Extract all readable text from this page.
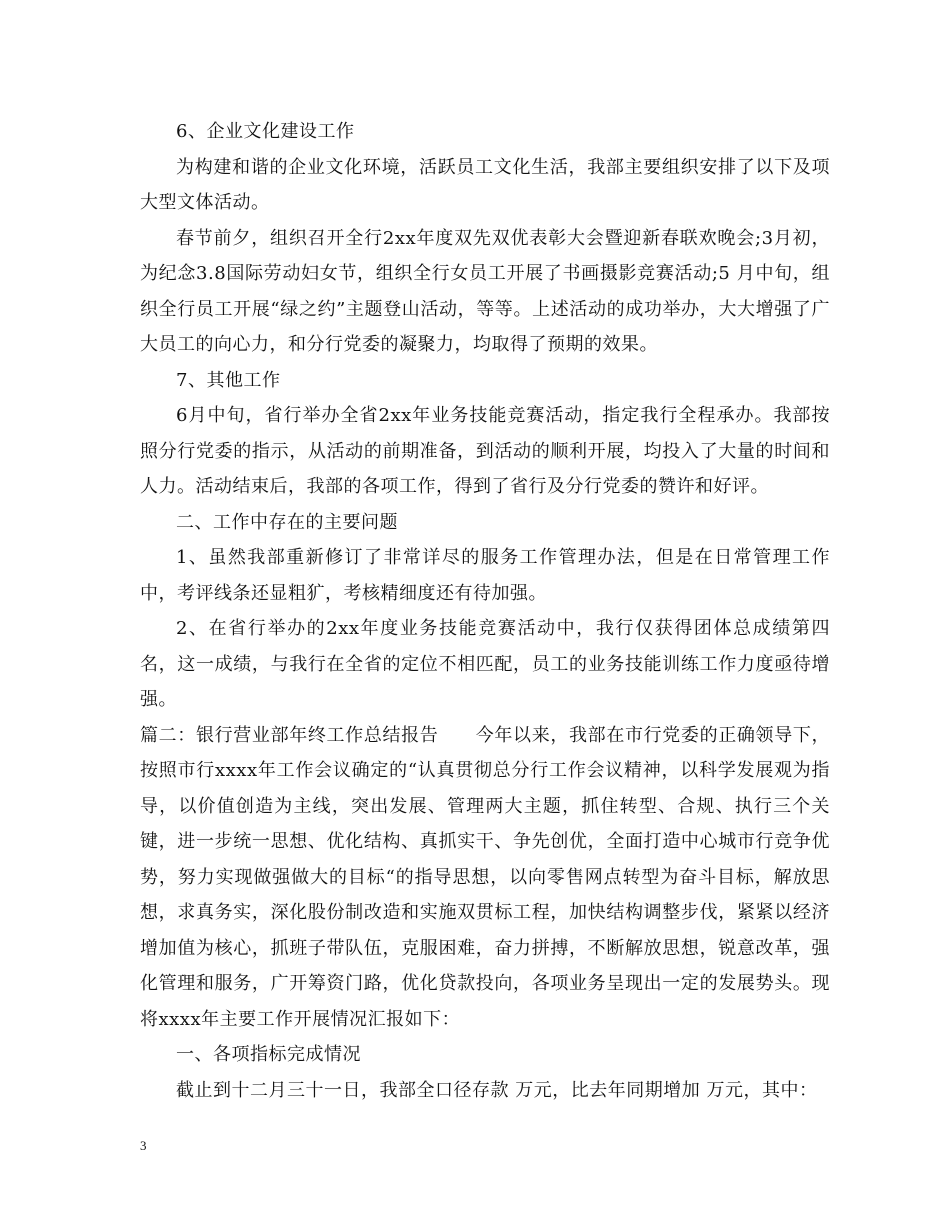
6、企业文化建设工作

为构建和谐的企业文化环境，活跃员工文化生活，我部主要组织安排了以下及项大型文体活动。

春节前夕，组织召开全行2xx年度双先双优表彰大会暨迎新春联欢晚会;3月初，为纪念3.8国际劳动妇女节，组织全行女员工开展了书画摄影竞赛活动;5 月中旬，组织全行员工开展“绿之约”主题登山活动，等等。上述活动的成功举办，大大增强了广大员工的向心力，和分行党委的凝聚力，均取得了预期的效果。

7、其他工作

6月中旬，省行举办全省2xx年业务技能竞赛活动，指定我行全程承办。我部按照分行党委的指示，从活动的前期准备，到活动的顺利开展，均投入了大量的时间和人力。活动结束后，我部的各项工作，得到了省行及分行党委的赞许和好评。

二、工作中存在的主要问题

1、虽然我部重新修订了非常详尽的服务工作管理办法，但是在日常管理工作中，考评线条还显粗犷，考核精细度还有待加强。

2、在省行举办的2xx年度业务技能竞赛活动中，我行仅获得团体总成绩第四名，这一成绩，与我行在全省的定位不相匹配，员工的业务技能训练工作力度亟待增强。

篇二：银行营业部年终工作总结报告　　今年以来，我部在市行党委的正确领导下，按照市行xxxx年工作会议确定的“认真贯彻总分行工作会议精神，以科学发展观为指导，以价值创造为主线，突出发展、管理两大主题，抓住转型、合规、执行三个关键，进一步统一思想、优化结构、真抓实干、争先创优，全面打造中心城市行竞争优势，努力实现做强做大的目标“的指导思想，以向零售网点转型为奋斗目标，解放思想，求真务实，深化股份制改造和实施双贯标工程，加快结构调整步伐，紧紧以经济增加值为核心，抓班子带队伍，克服困难，奋力拼搏，不断解放思想，锐意改革，强化管理和服务，广开筹资门路，优化贷款投向，各项业务呈现出一定的发展势头。现将xxxx年主要工作开展情况汇报如下：

一、各项指标完成情况

截止到十二月三十一日，我部全口径存款 万元，比去年同期增加 万元，其中：

3
